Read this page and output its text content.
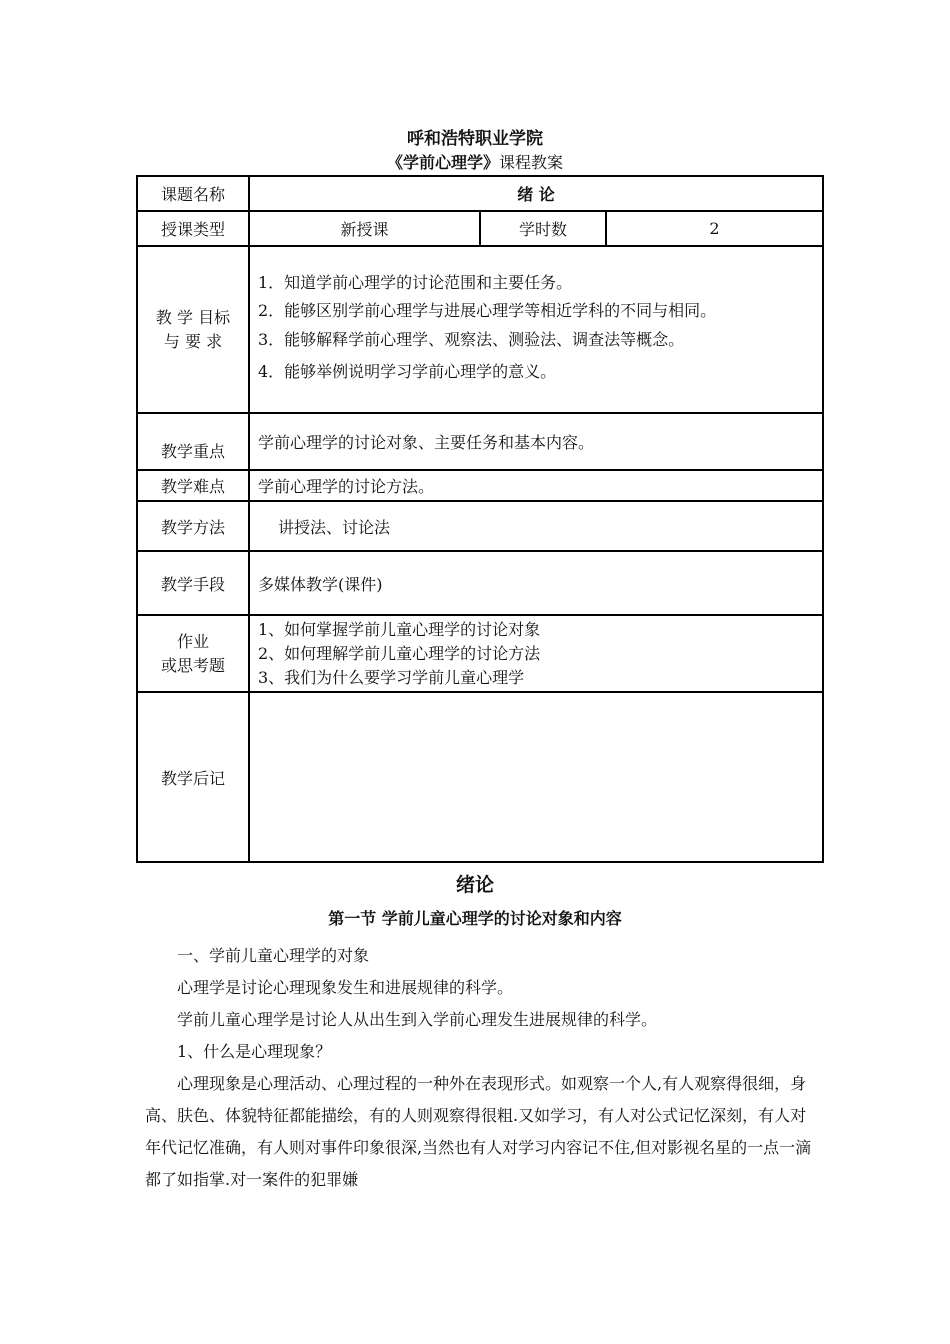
呼和浩特职业学院
《学前心理学》课程教案
课题名称	绪 论		
授课类型	新授课	学时数	2

教 学 目标
与 要 求	1．知道学前心理学的讨论范围和主要任务。
2．能够区别学前心理学与进展心理学等相近学科的不同与相同。
3．能够解释学前心理学、观察法、测验法、调查法等概念。
4．能够举例说明学习学前心理学的意义。		

教学重点	学前心理学的讨论对象、主要任务和基本内容。		
教学难点	学前心理学的讨论方法。		
教学方法	讲授法、讨论法		
教学手段	多媒体教学(课件)		

作业
或思考题	1、如何掌握学前儿童心理学的讨论对象
2、如何理解学前儿童心理学的讨论方法
3、我们为什么要学习学前儿童心理学		

教学后记			
绪论
第一节 学前儿童心理学的讨论对象和内容

一、学前儿童心理学的对象

心理学是讨论心理现象发生和进展规律的科学。

学前儿童心理学是讨论人从出生到入学前心理发生进展规律的科学。

1、什么是心理现象？

心理现象是心理活动、心理过程的一种外在表现形式。如观察一个人,有人观察得很细，身高、肤色、体貌特征都能描绘，有的人则观察得很粗.又如学习，有人对公式记忆深刻，有人对年代记忆准确，有人则对事件印象很深,当然也有人对学习内容记不住,但对影视名星的一点一滴都了如指掌.对一案件的犯罪嫌
